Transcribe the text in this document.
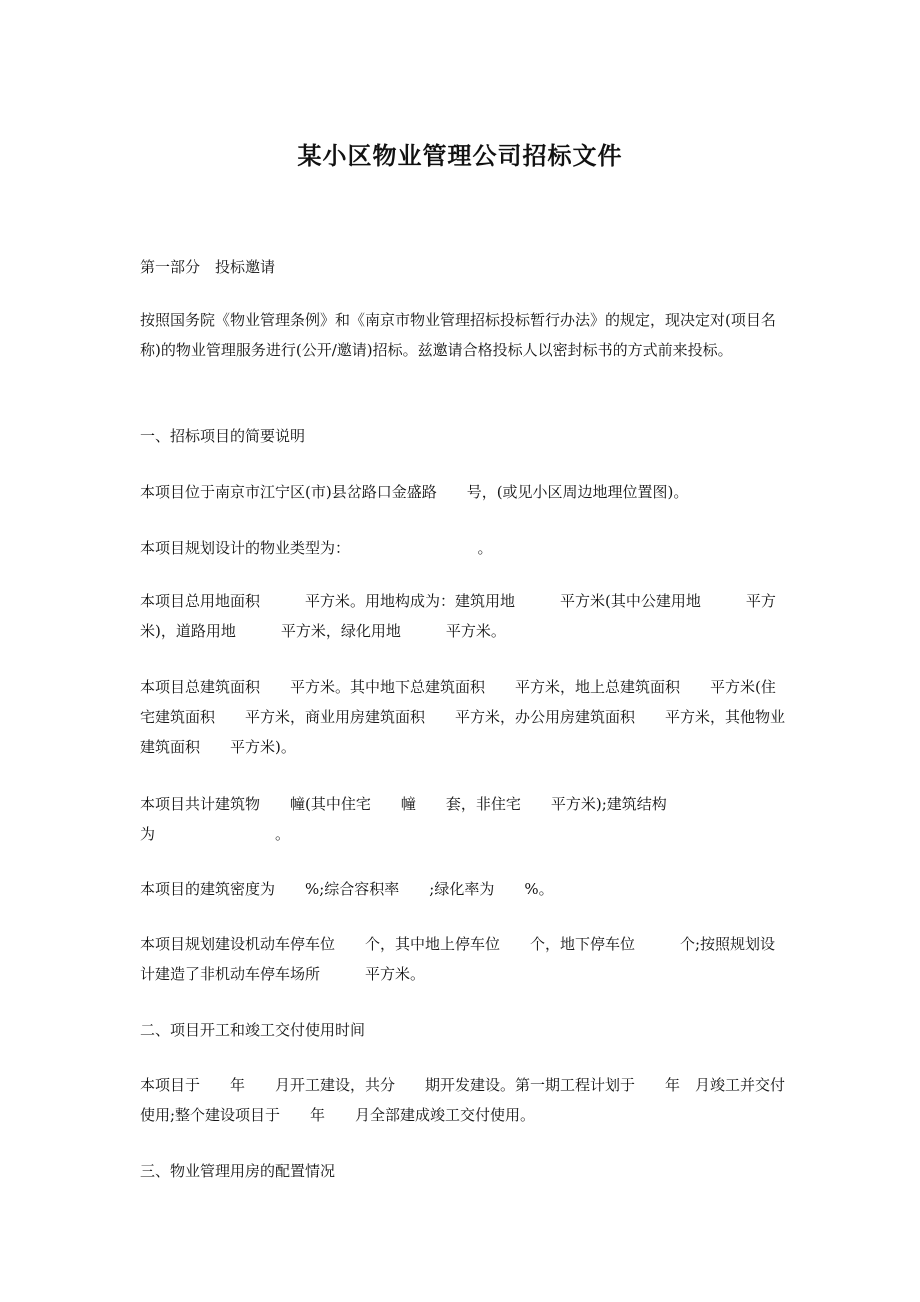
某小区物业管理公司招标文件

第一部分　投标邀请

按照国务院《物业管理条例》和《南京市物业管理招标投标暂行办法》的规定，现决定对(项目名称)的物业管理服务进行(公开/邀请)招标。兹邀请合格投标人以密封标书的方式前来投标。

一、招标项目的简要说明

本项目位于南京市江宁区(市)县岔路口金盛路　　号，(或见小区周边地理位置图)。

本项目规划设计的物业类型为：　　　　　　　　　。

本项目总用地面积　　　平方米。用地构成为：建筑用地　　　平方米(其中公建用地　　　平方米)，道路用地　　　平方米，绿化用地　　　平方米。

本项目总建筑面积　　平方米。其中地下总建筑面积　　平方米，地上总建筑面积　　平方米(住宅建筑面积　　平方米，商业用房建筑面积　　平方米，办公用房建筑面积　　平方米，其他物业建筑面积　　平方米)。

本项目共计建筑物　　幢(其中住宅　　幢　　套，非住宅　　平方米);建筑结构为　　　　　　　　。

本项目的建筑密度为　　%;综合容积率　　;绿化率为　　%。

本项目规划建设机动车停车位　　个，其中地上停车位　　个，地下停车位　　　个;按照规划设计建造了非机动车停车场所　　　平方米。

二、项目开工和竣工交付使用时间

本项目于　　年　　月开工建设，共分　　期开发建设。第一期工程计划于　　年　月竣工并交付使用;整个建设项目于　　年　　月全部建成竣工交付使用。

三、物业管理用房的配置情况
